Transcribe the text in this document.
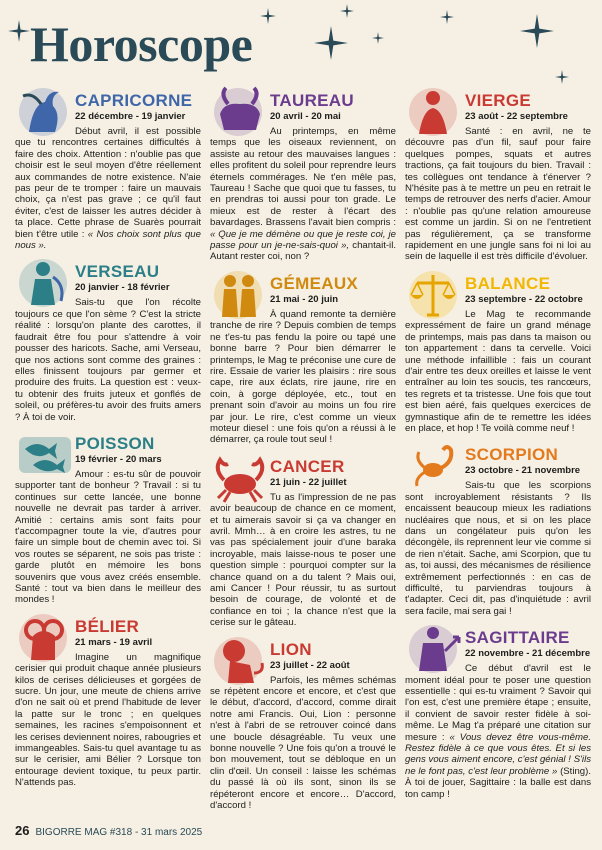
Horoscope
CAPRICORNE
22 décembre - 19 janvier

Début avril, il est possible que tu rencontres certaines difficultés à faire des choix. Attention : n'oublie pas que choisir est le seul moyen d'être réellement aux commandes de notre existence. N'aie pas peur de te tromper : faire un mauvais choix, ça n'est pas grave ; ce qu'il faut éviter, c'est de laisser les autres décider à ta place. Cette phrase de Suarès pourrait bien t'être utile : « Nos choix sont plus que nous ».

VERSEAU
20 janvier - 18 février

Sais-tu que l'on récolte toujours ce que l'on sème ? C'est la stricte réalité : lorsqu'on plante des carottes, il faudrait être fou pour s'attendre à voir pousser des haricots. Sache, ami Verseau, que nos actions sont comme des graines : elles finissent toujours par germer et produire des fruits. La question est : veux-tu obtenir des fruits juteux et gonflés de soleil, ou préfères-tu avoir des fruits amers ? À toi de voir.

POISSON
19 février - 20 mars

Amour : es-tu sûr de pouvoir supporter tant de bonheur ? Travail : si tu continues sur cette lancée, une bonne nouvelle ne devrait pas tarder à arriver. Amitié : certains amis sont faits pour t'accompagner toute la vie, d'autres pour faire un simple bout de chemin avec toi. Si vos routes se séparent, ne sois pas triste : garde plutôt en mémoire les bons souvenirs que vous avez créés ensemble. Santé : tout va bien dans le meilleur des mondes !

BÉLIER
21 mars - 19 avril

Imagine un magnifique cerisier qui produit chaque année plusieurs kilos de cerises délicieuses et gorgées de sucre. Un jour, une meute de chiens arrive d'on ne sait où et prend l'habitude de lever la patte sur le tronc ; en quelques semaines, les racines s'empoisonnent et les cerises deviennent noires, rabougries et immangeables. Sais-tu quel avantage tu as sur le cerisier, ami Bélier ? Lorsque ton entourage devient toxique, tu peux partir. N'attends pas.

TAUREAU
20 avril - 20 mai

Au printemps, en même temps que les oiseaux reviennent, on assiste au retour des mauvaises langues : elles profitent du soleil pour reprendre leurs éternels commérages. Ne t'en mêle pas, Taureau ! Sache que quoi que tu fasses, tu en prendras toi aussi pour ton grade. Le mieux est de rester à l'écart des bavardages. Brassens l'avait bien compris : « Que je me démène ou que je reste coi, je passe pour un je-ne-sais-quoi », chantait-il. Autant rester coi, non ?

GÉMEAUX
21 mai - 20 juin

À quand remonte ta dernière tranche de rire ? Depuis combien de temps ne t'es-tu pas fendu la poire ou tapé une bonne barre ? Pour bien démarrer le printemps, le Mag te préconise une cure de rire. Essaie de varier les plaisirs : rire sous cape, rire aux éclats, rire jaune, rire en coin, à gorge déployée, etc., tout en prenant soin d'avoir au moins un fou rire par jour. Le rire, c'est comme un vieux moteur diesel : une fois qu'on a réussi à le démarrer, ça roule tout seul !

CANCER
21 juin - 22 juillet

Tu as l'impression de ne pas avoir beaucoup de chance en ce moment, et tu aimerais savoir si ça va changer en avril. Mmh… à en croire les astres, tu ne vas pas spécialement jouir d'une baraka incroyable, mais laisse-nous te poser une question simple : pourquoi compter sur la chance quand on a du talent ? Mais oui, ami Cancer ! Pour réussir, tu as surtout besoin de courage, de volonté et de confiance en toi ; la chance n'est que la cerise sur le gâteau.

LION
23 juillet - 22 août

Parfois, les mêmes schémas se répètent encore et encore, et c'est que le début, d'accord, d'accord, comme dirait notre ami Francis. Oui, Lion : personne n'est à l'abri de se retrouver coincé dans une boucle désagréable. Tu veux une bonne nouvelle ? Une fois qu'on a trouvé le bon mouvement, tout se débloque en un clin d'œil. Un conseil : laisse les schémas du passé là où ils sont, sinon ils se répéteront encore et encore… D'accord, d'accord !

VIERGE
23 août - 22 septembre

Santé : en avril, ne te découvre pas d'un fil, sauf pour faire quelques pompes, squats et autres tractions, ça fait toujours du bien. Travail : tes collègues ont tendance à t'énerver ? N'hésite pas à te mettre un peu en retrait le temps de retrouver des nerfs d'acier. Amour : n'oublie pas qu'une relation amoureuse est comme un jardin. Si on ne l'entretient pas régulièrement, ça se transforme rapidement en une jungle sans foi ni loi au sein de laquelle il est très difficile d'évoluer.

BALANCE
23 septembre - 22 octobre

Le Mag te recommande expressément de faire un grand ménage de printemps, mais pas dans ta maison ou ton appartement : dans ta cervelle. Voici une méthode infaillible : fais un courant d'air entre tes deux oreilles et laisse le vent entraîner au loin tes soucis, tes rancœurs, tes regrets et ta tristesse. Une fois que tout est bien aéré, fais quelques exercices de gymnastique afin de te remettre les idées en place, et hop ! Te voilà comme neuf !

SCORPION
23 octobre - 21 novembre

Sais-tu que les scorpions sont incroyablement résistants ? Ils encaissent beaucoup mieux les radiations nucléaires que nous, et si on les place dans un congélateur puis qu'on les décongèle, ils reprennent leur vie comme si de rien n'était. Sache, ami Scorpion, que tu as, toi aussi, des mécanismes de résilience extrêmement perfectionnés : en cas de difficulté, tu parviendras toujours à t'adapter. Ceci dit, pas d'inquiétude : avril sera facile, mai sera gai !

SAGITTAIRE
22 novembre - 21 décembre

Ce début d'avril est le moment idéal pour te poser une question essentielle : qui es-tu vraiment ? Savoir qui l'on est, c'est une première étape ; ensuite, il convient de savoir rester fidèle à soi-même. Le Mag t'a préparé une citation sur mesure : « Vous devez être vous-même. Restez fidèle à ce que vous êtes. Et si les gens vous aiment encore, c'est génial ! S'ils ne le font pas, c'est leur problème » (Sting). À toi de jouer, Sagittaire : la balle est dans ton camp !

26 BIGORRE MAG #318 - 31 mars 2025
